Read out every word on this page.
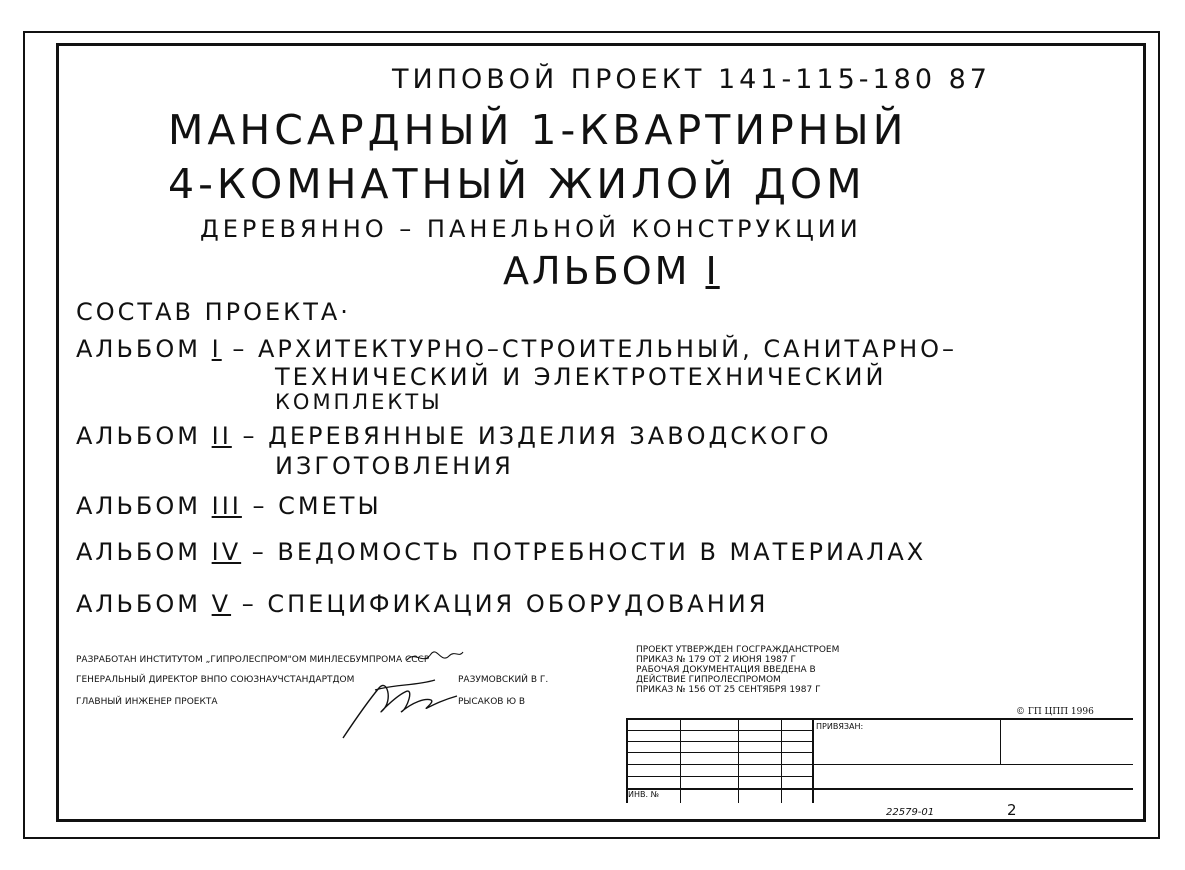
ТИПОВОЙ ПРОЕКТ 141-115-180 87
МАНСАРДНЫЙ 1-КВАРТИРНЫЙ
4-КОМНАТНЫЙ ЖИЛОЙ ДОМ
ДЕРЕВЯННО – ПАНЕЛЬНОЙ КОНСТРУКЦИИ
АЛЬБОМ I
СОСТАВ ПРОЕКТА·
АЛЬБОМ I – АРХИТЕКТУРНО–СТРОИТЕЛЬНЫЙ, САНИТАРНО–
ТЕХНИЧЕСКИЙ И ЭЛЕКТРОТЕХНИЧЕСКИЙ
КОМПЛЕКТЫ
АЛЬБОМ II – ДЕРЕВЯННЫЕ ИЗДЕЛИЯ ЗАВОДСКОГО
ИЗГОТОВЛЕНИЯ
АЛЬБОМ III – СМЕТЫ
АЛЬБОМ IV – ВЕДОМОСТЬ ПОТРЕБНОСТИ В МАТЕРИАЛАХ
АЛЬБОМ V – СПЕЦИФИКАЦИЯ ОБОРУДОВАНИЯ
РАЗРАБОТАН ИНСТИТУТОМ „ГИПРОЛЕСПРОМ"ОМ МИНЛЕСБУМПРОМА СССР
ГЕНЕРАЛЬНЫЙ ДИРЕКТОР ВНПО СОЮЗНАУЧСТАНДАРТДОМ	РАЗУМОВСКИЙ В Г.
ГЛАВНЫЙ ИНЖЕНЕР ПРОЕКТА	РЫСАКОВ Ю В
ПРОЕКТ УТВЕРЖДЕН ГОСГРАЖДАНСТРОЕМ
ПРИКАЗ № 179 ОТ 2 ИЮНЯ 1987 Г
РАБОЧАЯ ДОКУМЕНТАЦИЯ ВВЕДЕНА В
ДЕЙСТВИЕ ГИПРОЛЕСПРОМОМ
ПРИКАЗ № 156 ОТ 25 СЕНТЯБРЯ 1987 Г
© ГП ЦПП 1996
ПРИВЯЗАН:
ИНВ. №
22579-01	2
